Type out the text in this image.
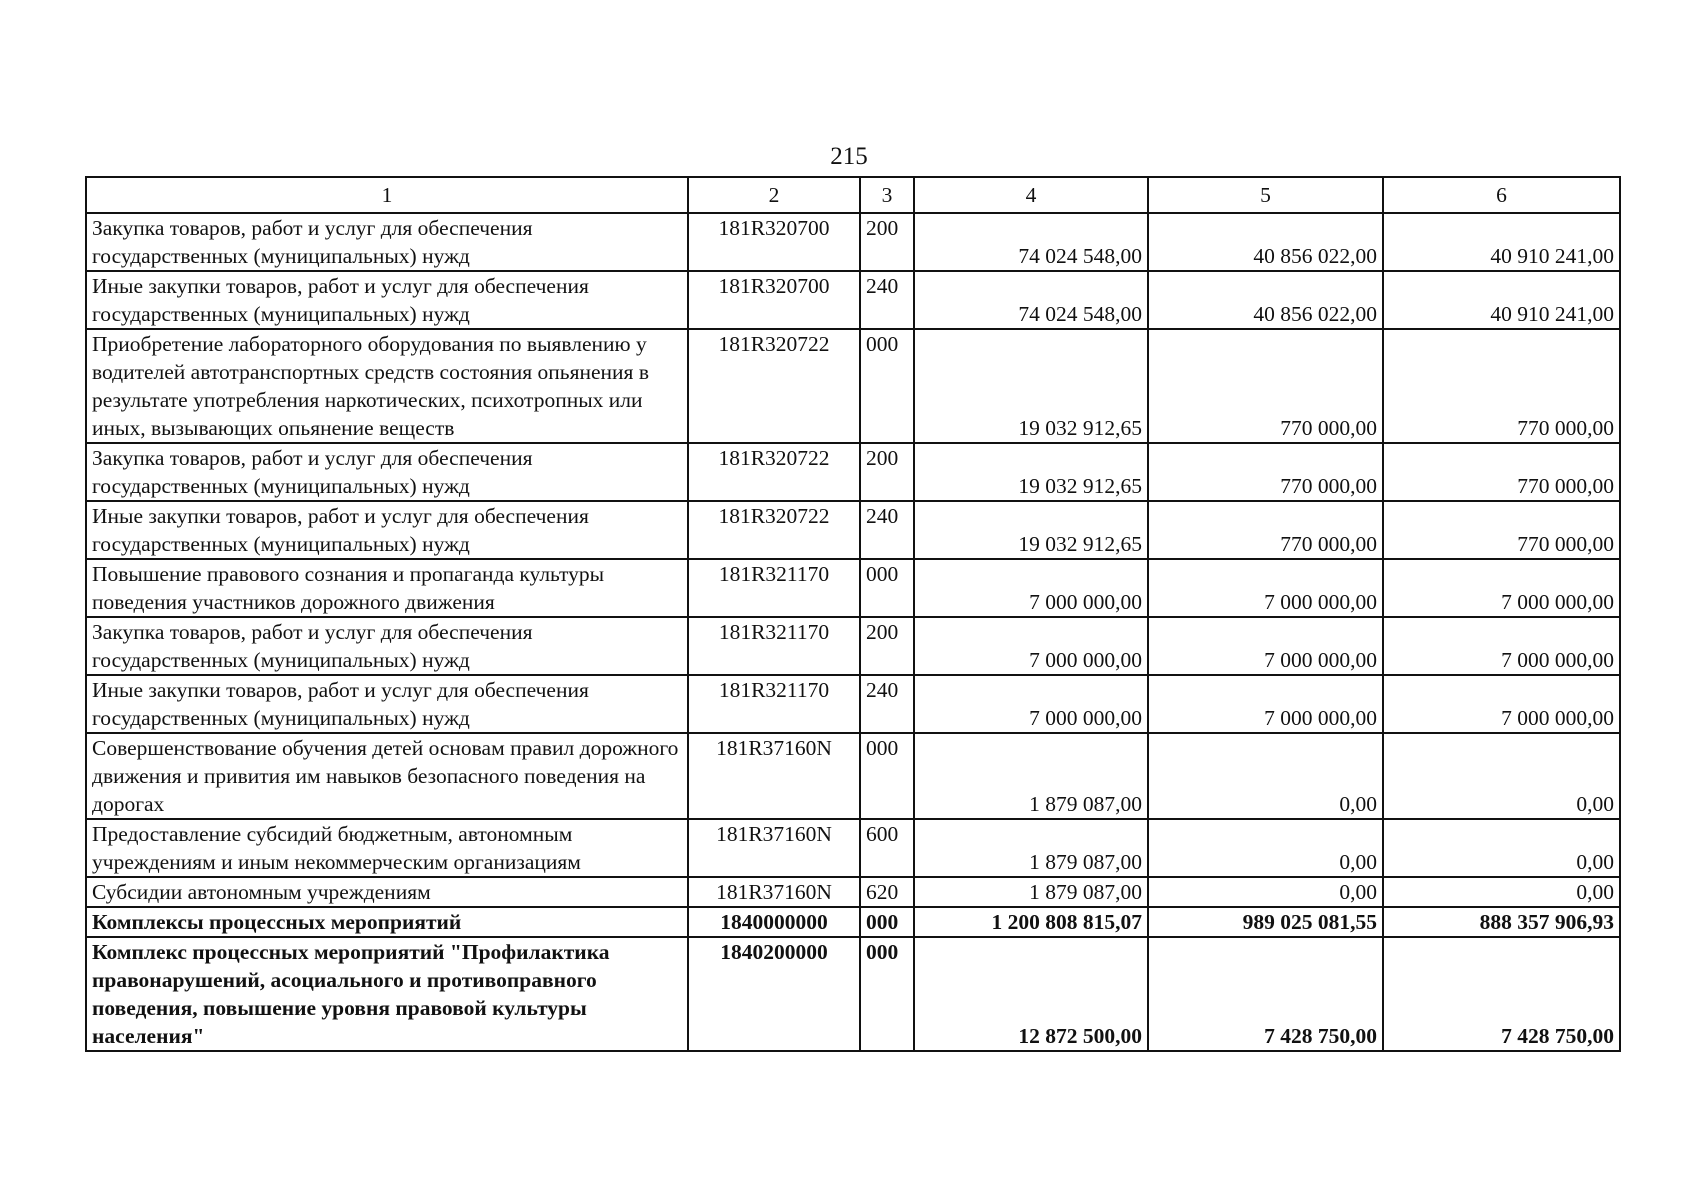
215
1	2	3	4	5	6
Закупка товаров, работ и услуг для обеспечения государственных (муниципальных) нужд	181R320700	200	74 024 548,00	40 856 022,00	40 910 241,00
Иные закупки товаров, работ и услуг для обеспечения государственных (муниципальных) нужд	181R320700	240	74 024 548,00	40 856 022,00	40 910 241,00
Приобретение лабораторного оборудования по выявлению у водителей автотранспортных средств состояния опьянения в результате употребления наркотических, психотропных или иных, вызывающих опьянение веществ	181R320722	000	19 032 912,65	770 000,00	770 000,00
Закупка товаров, работ и услуг для обеспечения государственных (муниципальных) нужд	181R320722	200	19 032 912,65	770 000,00	770 000,00
Иные закупки товаров, работ и услуг для обеспечения государственных (муниципальных) нужд	181R320722	240	19 032 912,65	770 000,00	770 000,00
Повышение правового сознания и пропаганда культуры поведения участников дорожного движения	181R321170	000	7 000 000,00	7 000 000,00	7 000 000,00
Закупка товаров, работ и услуг для обеспечения государственных (муниципальных) нужд	181R321170	200	7 000 000,00	7 000 000,00	7 000 000,00
Иные закупки товаров, работ и услуг для обеспечения государственных (муниципальных) нужд	181R321170	240	7 000 000,00	7 000 000,00	7 000 000,00
Совершенствование обучения детей основам правил дорожного движения и привития им навыков безопасного поведения на дорогах	181R37160N	000	1 879 087,00	0,00	0,00
Предоставление субсидий бюджетным, автономным учреждениям и иным некоммерческим организациям	181R37160N	600	1 879 087,00	0,00	0,00
Субсидии автономным учреждениям	181R37160N	620	1 879 087,00	0,00	0,00
Комплексы процессных мероприятий	1840000000	000	1 200 808 815,07	989 025 081,55	888 357 906,93
Комплекс процессных мероприятий "Профилактика правонарушений, асоциального и противоправного поведения, повышение уровня правовой культуры населения"	1840200000	000	12 872 500,00	7 428 750,00	7 428 750,00
